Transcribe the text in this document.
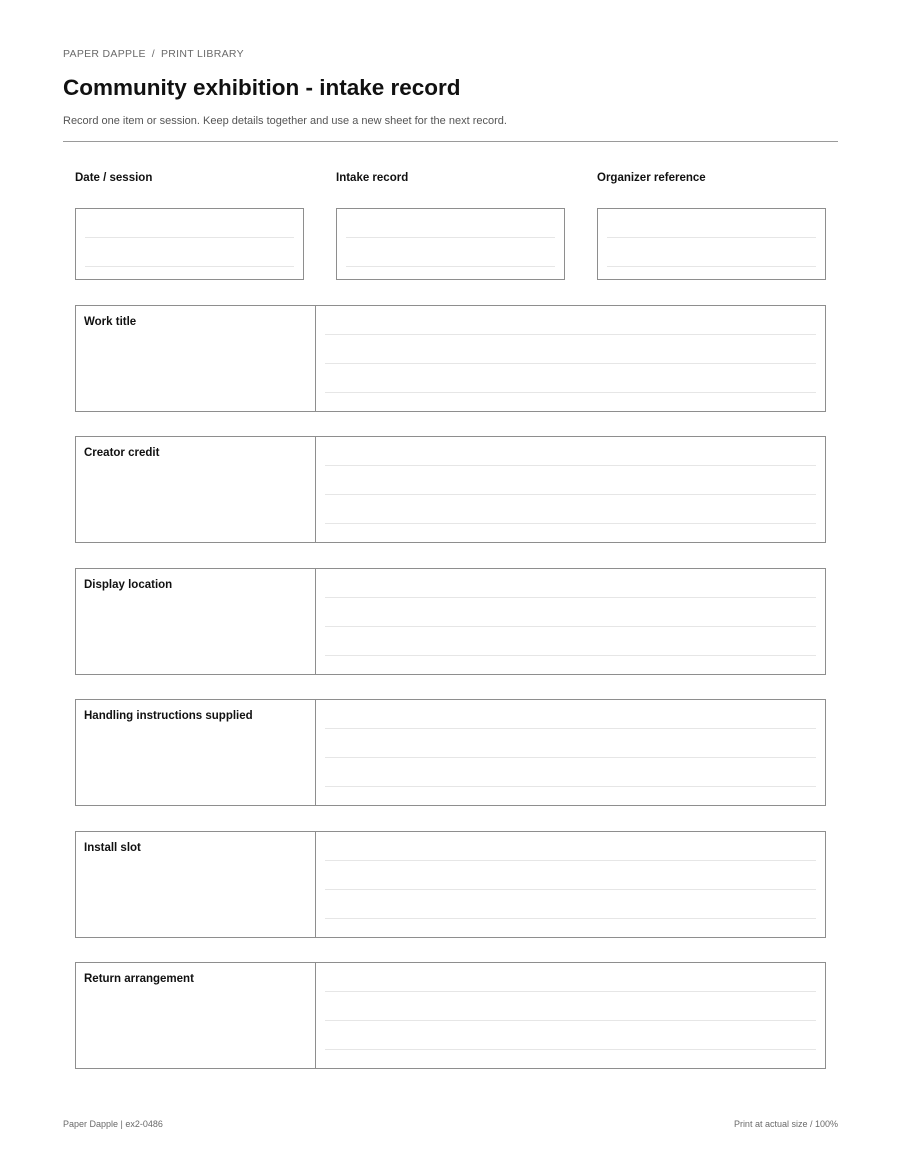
PAPER DAPPLE / PRINT LIBRARY
Community exhibition - intake record

Record one item or session. Keep details together and use a new sheet for the next record.

Date / session	Intake record	Organizer reference
Work title
Creator credit
Display location
Handling instructions supplied
Install slot
Return arrangement
Paper Dapple | ex2-0486	Print at actual size / 100%
